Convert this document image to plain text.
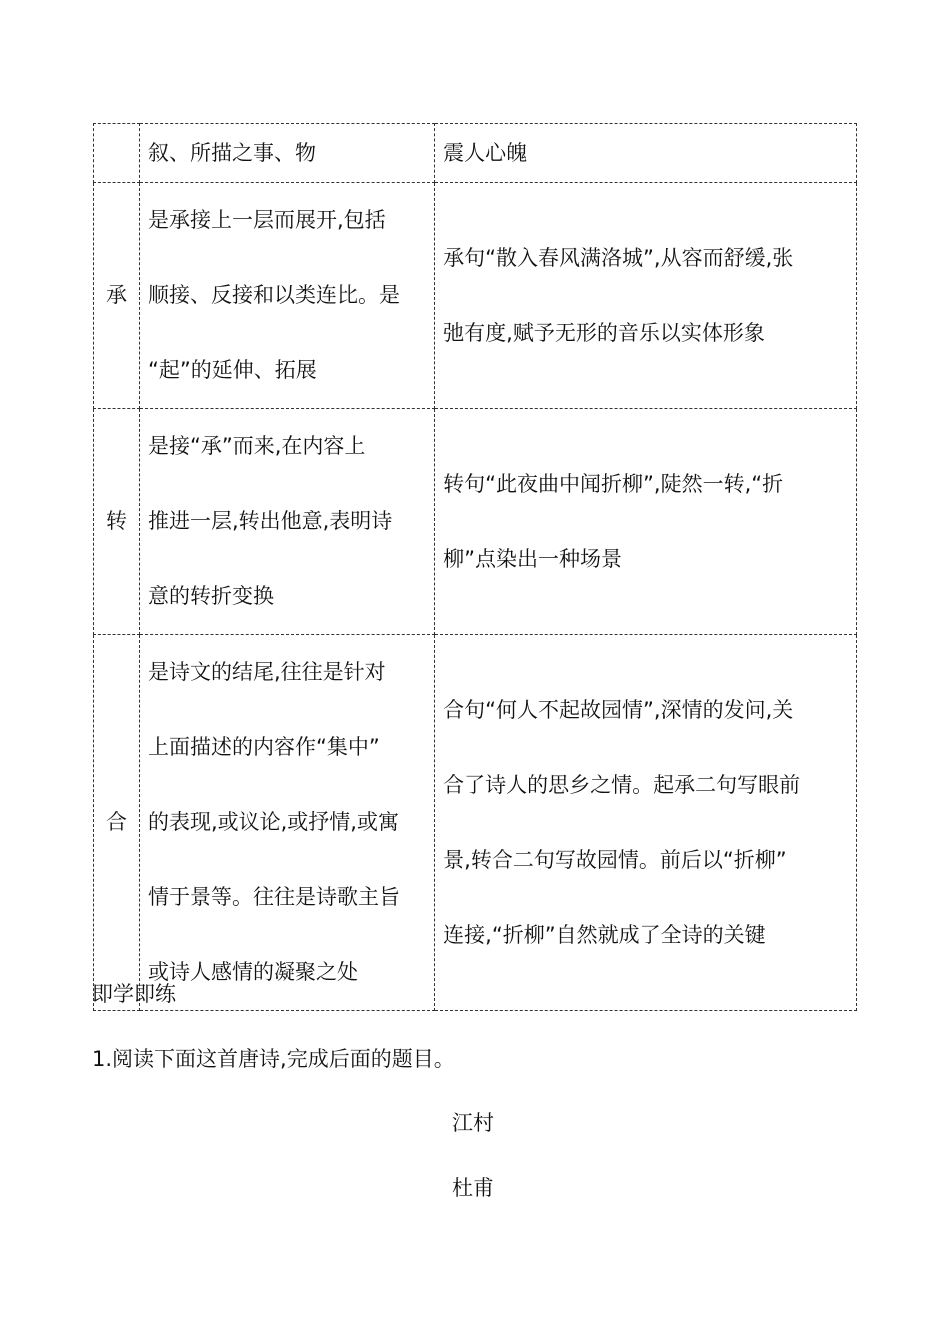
	叙、所描之事、物	震人心魄

承	是承接上一层而展开,包括
顺接、反接和以类连比。是
“起”的延伸、拓展	承句“散入春风满洛城”,从容而舒缓,张
弛有度,赋予无形的音乐以实体形象

转	是接“承”而来,在内容上
推进一层,转出他意,表明诗
意的转折变换	转句“此夜曲中闻折柳”,陡然一转,“折
柳”点染出一种场景

合	是诗文的结尾,往往是针对
上面描述的内容作“集中”
的表现,或议论,或抒情,或寓
情于景等。往往是诗歌主旨
或诗人感情的凝聚之处	合句“何人不起故园情”,深情的发问,关
合了诗人的思乡之情。起承二句写眼前
景,转合二句写故园情。前后以“折柳”
连接,“折柳”自然就成了全诗的关键
即学即练
1.阅读下面这首唐诗,完成后面的题目。
江村
杜甫
